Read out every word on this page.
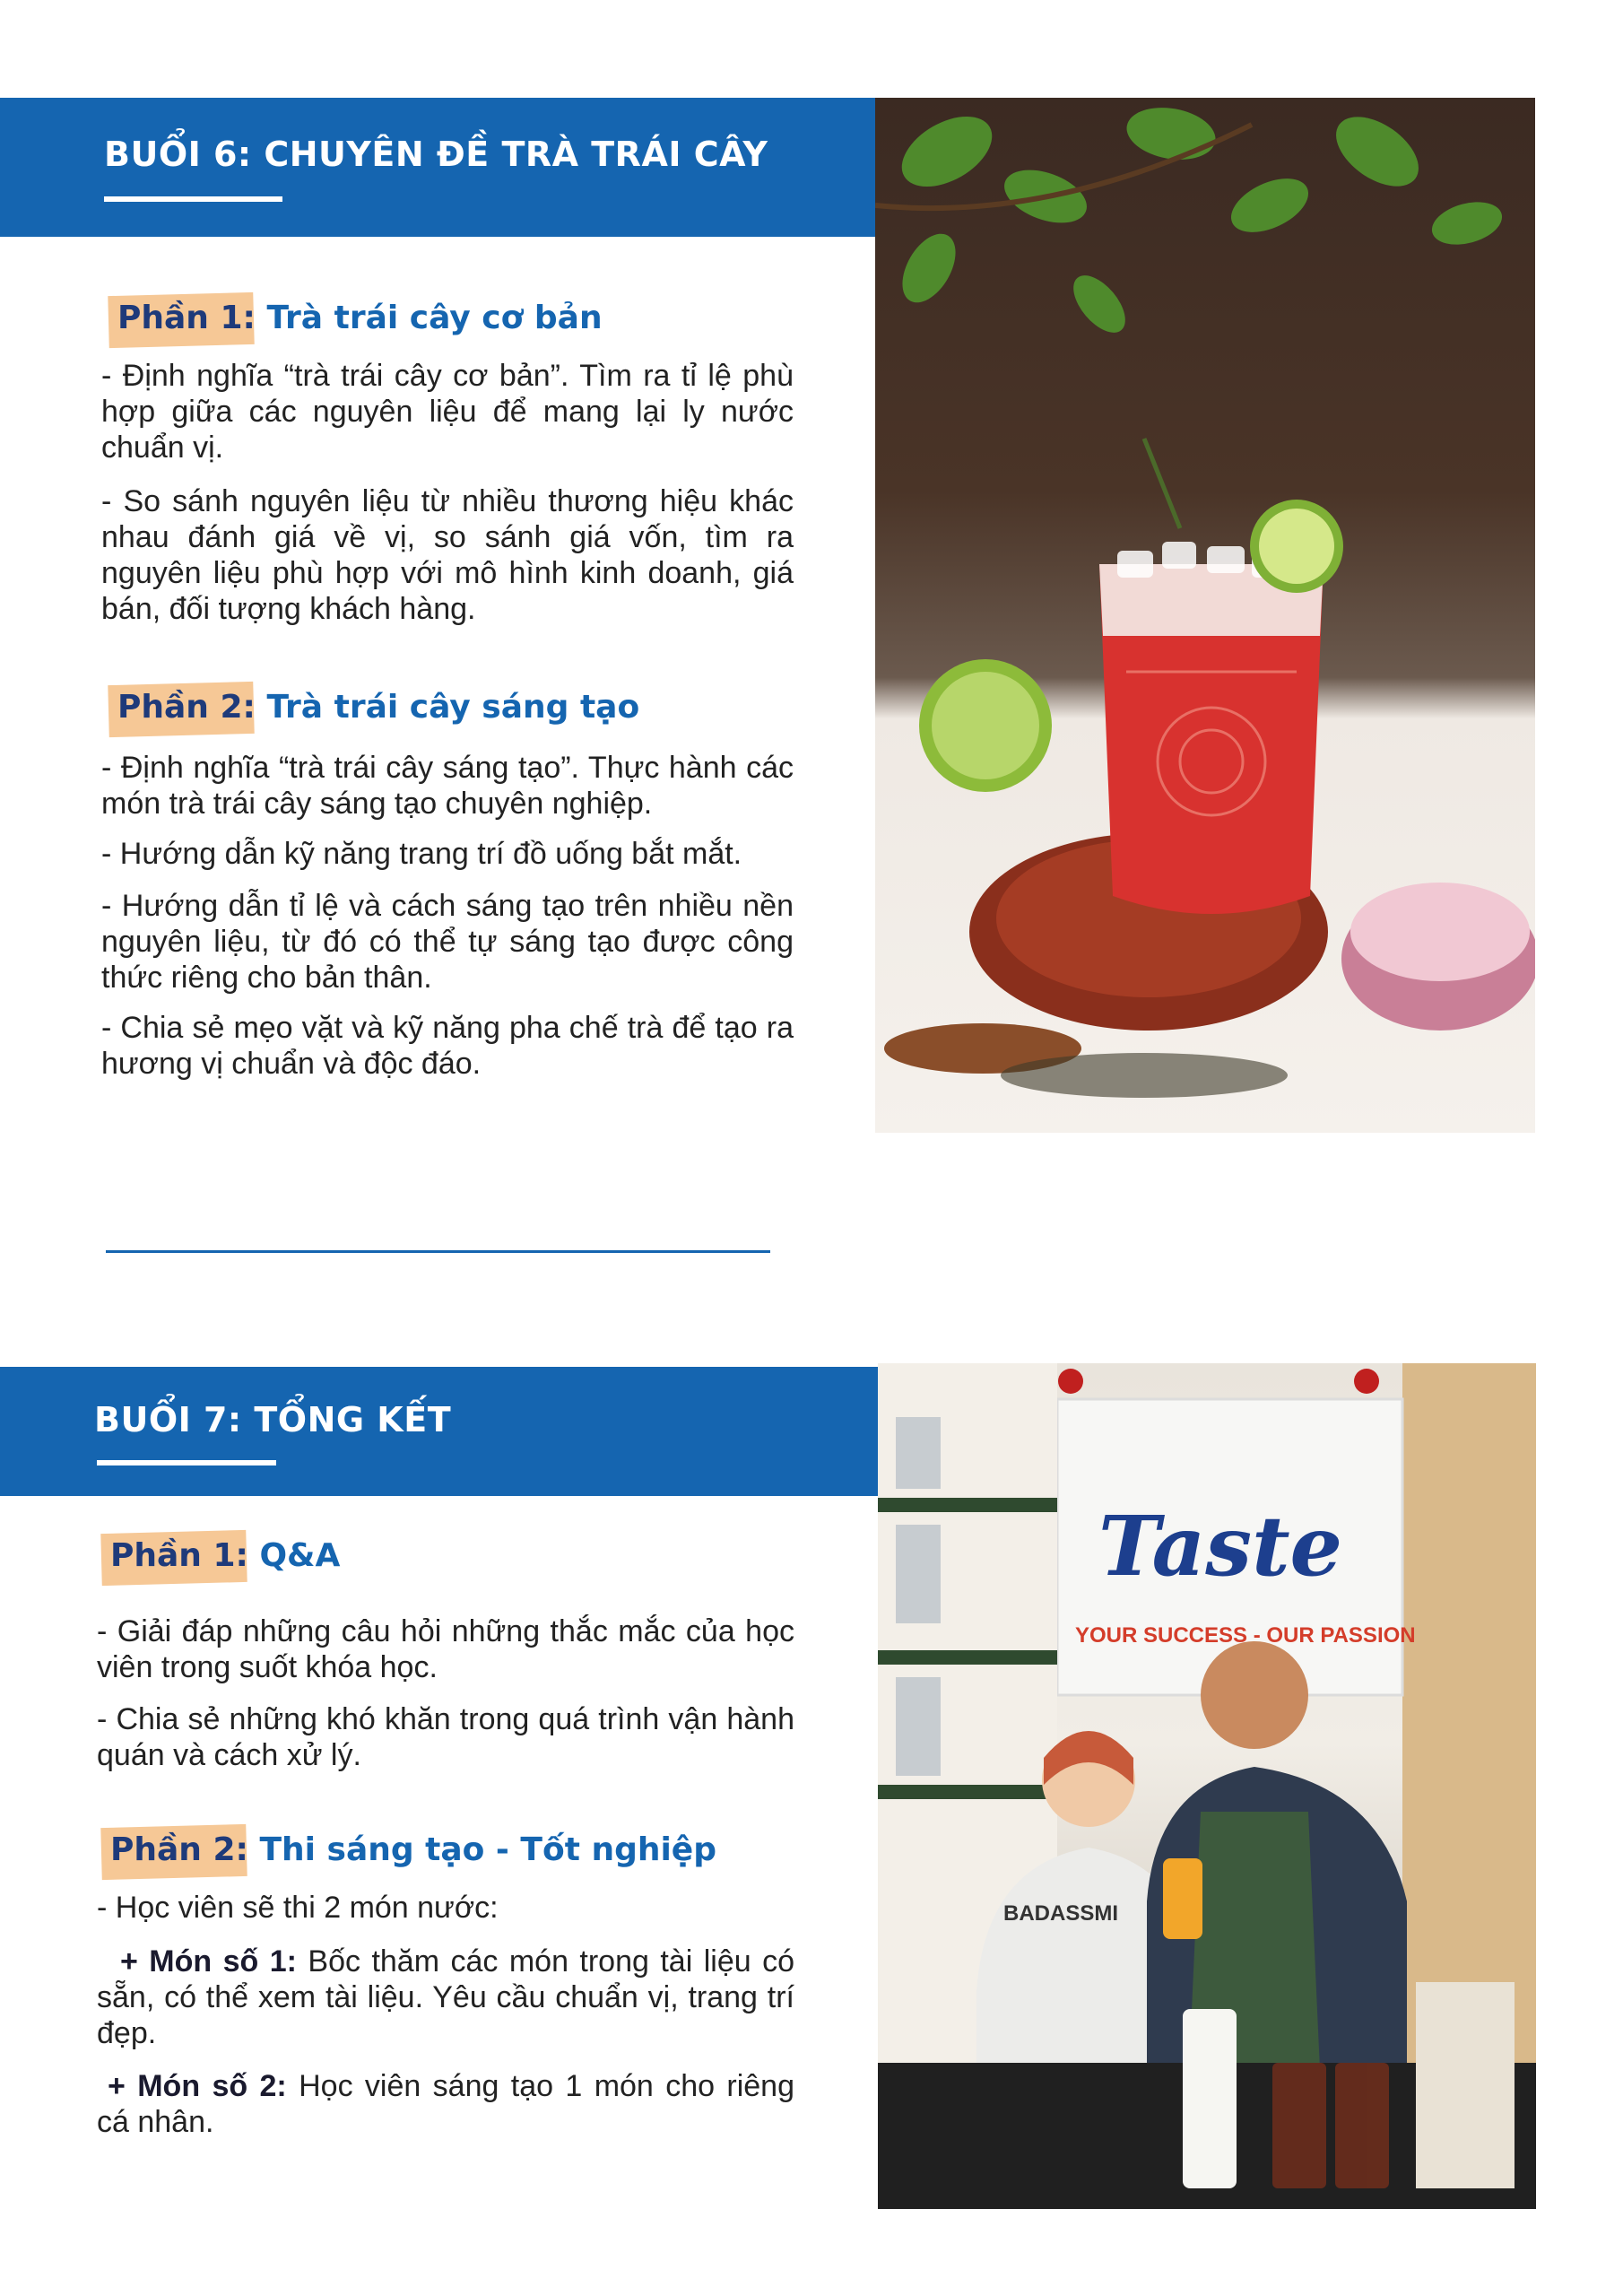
BUỔI 6: CHUYÊN ĐỀ TRÀ TRÁI CÂY
Phần 1: Trà trái cây cơ bản
- Định nghĩa “trà trái cây cơ bản”. Tìm ra tỉ lệ phù hợp giữa các nguyên liệu để mang lại ly nước chuẩn vị.
- So sánh nguyên liệu từ nhiều thương hiệu khác nhau đánh giá về vị, so sánh giá vốn, tìm ra nguyên liệu phù hợp với mô hình kinh doanh, giá bán, đối tượng khách hàng.
Phần 2: Trà trái cây sáng tạo
- Định nghĩa “trà trái cây sáng tạo”. Thực hành các món trà trái cây sáng tạo chuyên nghiệp.
- Hướng dẫn kỹ năng trang trí đồ uống bắt mắt.
- Hướng dẫn tỉ lệ và cách sáng tạo trên nhiều nền nguyên liệu, từ đó có thể tự sáng tạo được công thức riêng cho bản thân.
- Chia sẻ mẹo vặt và kỹ năng pha chế trà để tạo ra hương vị chuẩn và độc đáo.
BUỔI 7: TỔNG KẾT
Phần 1: Q&A
- Giải đáp những câu hỏi những thắc mắc của học viên trong suốt khóa học.
- Chia sẻ những khó khăn trong quá trình vận hành quán và cách xử lý.
Phần 2: Thi sáng tạo - Tốt nghiệp
- Học viên sẽ thi 2 món nước:
+ Món số 1: Bốc thăm các món trong tài liệu có sẵn, có thể xem tài liệu. Yêu cầu chuẩn vị, trang trí đẹp.
+ Món số 2: Học viên sáng tạo 1 món cho riêng cá nhân.
Taste
YOUR SUCCESS - OUR PASSION
BADASSMI
